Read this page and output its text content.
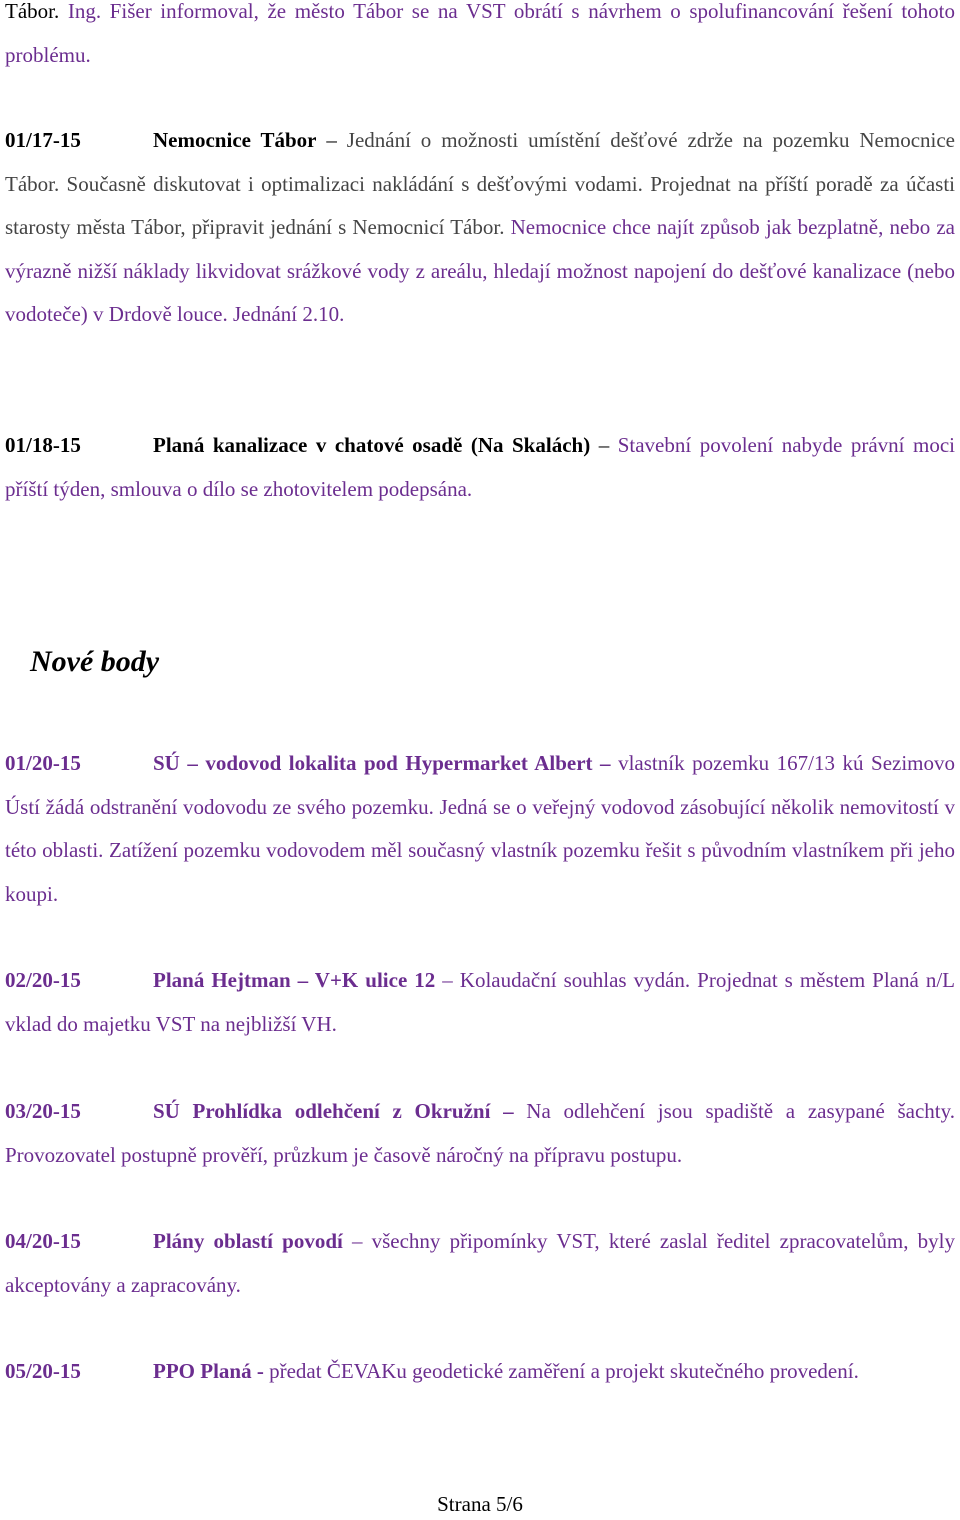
Tábor. Ing. Fišer informoval, že město Tábor se na VST obrátí s návrhem o spolufinancování řešení tohoto problému.

01/17-15	Nemocnice Tábor – Jednání o možnosti umístění dešťové zdrže na pozemku Nemocnice Tábor. Současně diskutovat i optimalizaci nakládání s dešťovými vodami. Projednat na příští poradě za účasti starosty města Tábor, připravit jednání s Nemocnicí Tábor. Nemocnice chce najít způsob jak bezplatně, nebo za výrazně nižší náklady likvidovat srážkové vody z areálu, hledají možnost napojení do dešťové kanalizace (nebo vodoteče) v Drdově louce. Jednání 2.10.

01/18-15	Planá kanalizace v chatové osadě (Na Skalách) – Stavební povolení nabyde právní moci příští týden, smlouva o dílo se zhotovitelem podepsána.

Nové body

01/20-15	SÚ – vodovod lokalita pod Hypermarket Albert – vlastník pozemku 167/13 kú Sezimovo Ústí žádá odstranění vodovodu ze svého pozemku. Jedná se o veřejný vodovod zásobující několik nemovitostí v této oblasti. Zatížení pozemku vodovodem měl současný vlastník pozemku řešit s původním vlastníkem při jeho koupi.

02/20-15	Planá Hejtman – V+K ulice 12 – Kolaudační souhlas vydán. Projednat s městem Planá n/L vklad do majetku VST na nejbližší VH.

03/20-15	SÚ Prohlídka odlehčení z Okružní – Na odlehčení jsou spadiště a zasypané šachty. Provozovatel postupně prověří, průzkum je časově náročný na přípravu postupu.

04/20-15	Plány oblastí povodí – všechny připomínky VST, které zaslal ředitel zpracovatelům, byly akceptovány a zapracovány.

05/20-15	PPO Planá - předat ČEVAKu geodetické zaměření a projekt skutečného provedení.

Strana 5/6
